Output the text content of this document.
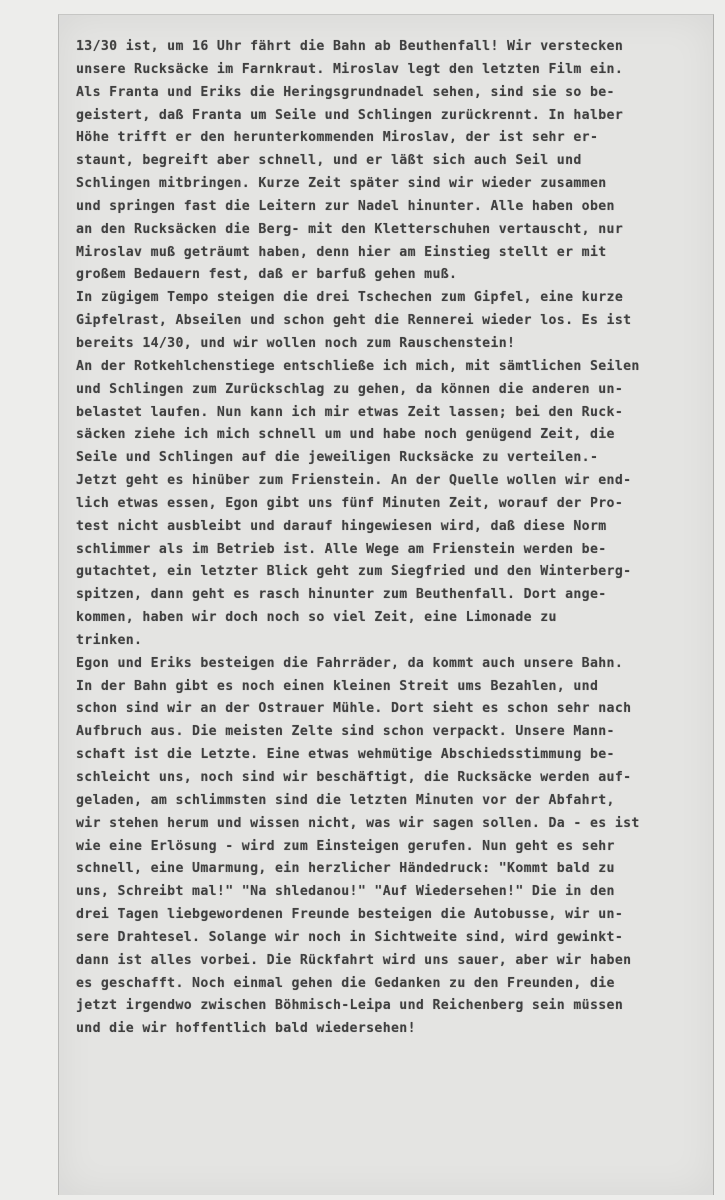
13/30 ist, um 16 Uhr fährt die Bahn ab Beuthenfall! Wir verstecken
unsere Rucksäcke im Farnkraut. Miroslav legt den letzten Film ein.
Als Franta und Eriks die Heringsgrundnadel sehen, sind sie so be-
geistert, daß Franta um Seile und Schlingen zurückrennt. In halber
Höhe trifft er den herunterkommenden Miroslav, der ist sehr er-
staunt, begreift aber schnell, und er läßt sich auch Seil und
Schlingen mitbringen. Kurze Zeit später sind wir wieder zusammen
und springen fast die Leitern zur Nadel hinunter. Alle haben oben
an den Rucksäcken die Berg- mit den Kletterschuhen vertauscht, nur
Miroslav muß geträumt haben, denn hier am Einstieg stellt er mit
großem Bedauern fest, daß er barfuß gehen muß.
In zügigem Tempo steigen die drei Tschechen zum Gipfel, eine kurze
Gipfelrast, Abseilen und schon geht die Rennerei wieder los. Es ist
bereits 14/30, und wir wollen noch zum Rauschenstein!
An der Rotkehlchenstiege entschließe ich mich, mit sämtlichen Seilen
und Schlingen zum Zurückschlag zu gehen, da können die anderen un-
belastet laufen. Nun kann ich mir etwas Zeit lassen; bei den Ruck-
säcken ziehe ich mich schnell um und habe noch genügend Zeit, die
Seile und Schlingen auf die jeweiligen Rucksäcke zu verteilen.-
Jetzt geht es hinüber zum Frienstein. An der Quelle wollen wir end-
lich etwas essen, Egon gibt uns fünf Minuten Zeit, worauf der Pro-
test nicht ausbleibt und darauf hingewiesen wird, daß diese Norm
schlimmer als im Betrieb ist. Alle Wege am Frienstein werden be-
gutachtet, ein letzter Blick geht zum Siegfried und den Winterberg-
spitzen, dann geht es rasch hinunter zum Beuthenfall. Dort ange-
kommen, haben wir doch noch so viel Zeit, eine Limonade zu
trinken.
Egon und Eriks besteigen die Fahrräder, da kommt auch unsere Bahn.
In der Bahn gibt es noch einen kleinen Streit ums Bezahlen, und
schon sind wir an der Ostrauer Mühle. Dort sieht es schon sehr nach
Aufbruch aus. Die meisten Zelte sind schon verpackt. Unsere Mann-
schaft ist die Letzte. Eine etwas wehmütige Abschiedsstimmung be-
schleicht uns, noch sind wir beschäftigt, die Rucksäcke werden auf-
geladen, am schlimmsten sind die letzten Minuten vor der Abfahrt,
wir stehen herum und wissen nicht, was wir sagen sollen. Da - es ist
wie eine Erlösung - wird zum Einsteigen gerufen. Nun geht es sehr
schnell, eine Umarmung, ein herzlicher Händedruck: "Kommt bald zu
uns, Schreibt mal!" "Na shledanou!" "Auf Wiedersehen!" Die in den
drei Tagen liebgewordenen Freunde besteigen die Autobusse, wir un-
sere Drahtesel. Solange wir noch in Sichtweite sind, wird gewinkt-
dann ist alles vorbei. Die Rückfahrt wird uns sauer, aber wir haben
es geschafft. Noch einmal gehen die Gedanken zu den Freunden, die
jetzt irgendwo zwischen Böhmisch-Leipa und Reichenberg sein müssen
und die wir hoffentlich bald wiedersehen!
